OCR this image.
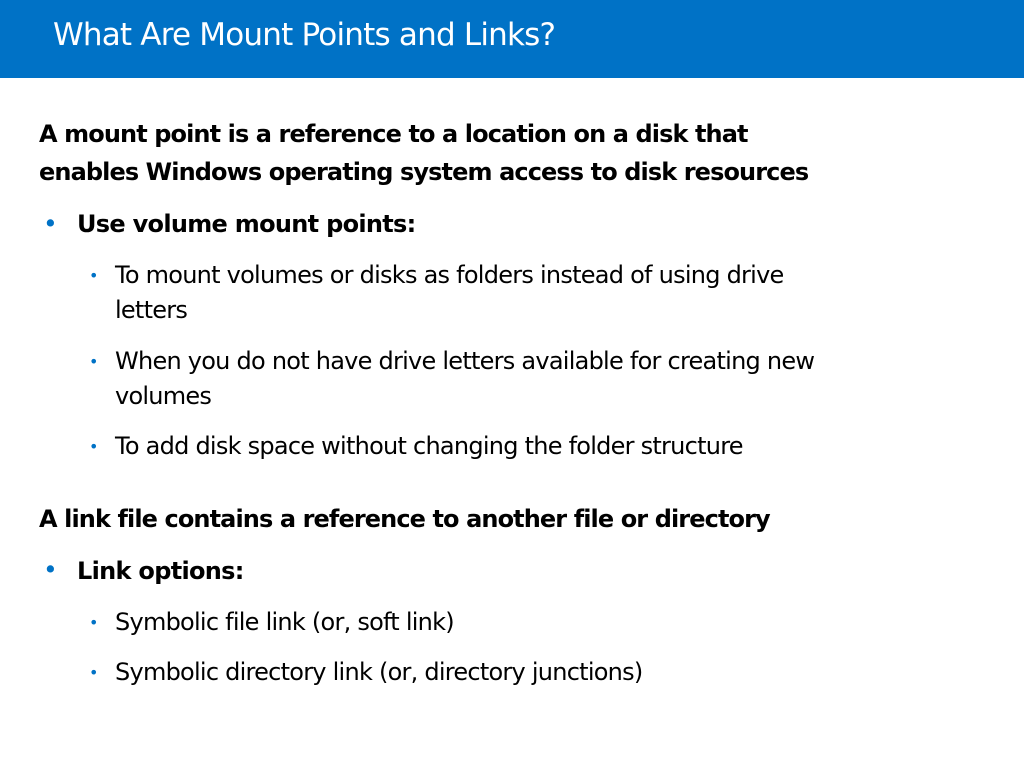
What Are Mount Points and Links?
A mount point is a reference to a location on a disk that
enables Windows operating system access to disk resources
• Use volume mount points:
• To mount volumes or disks as folders instead of using drive
letters
• When you do not have drive letters available for creating new
volumes
• To add disk space without changing the folder structure
A link file contains a reference to another file or directory
• Link options:
• Symbolic file link (or, soft link)
• Symbolic directory link (or, directory junctions)
